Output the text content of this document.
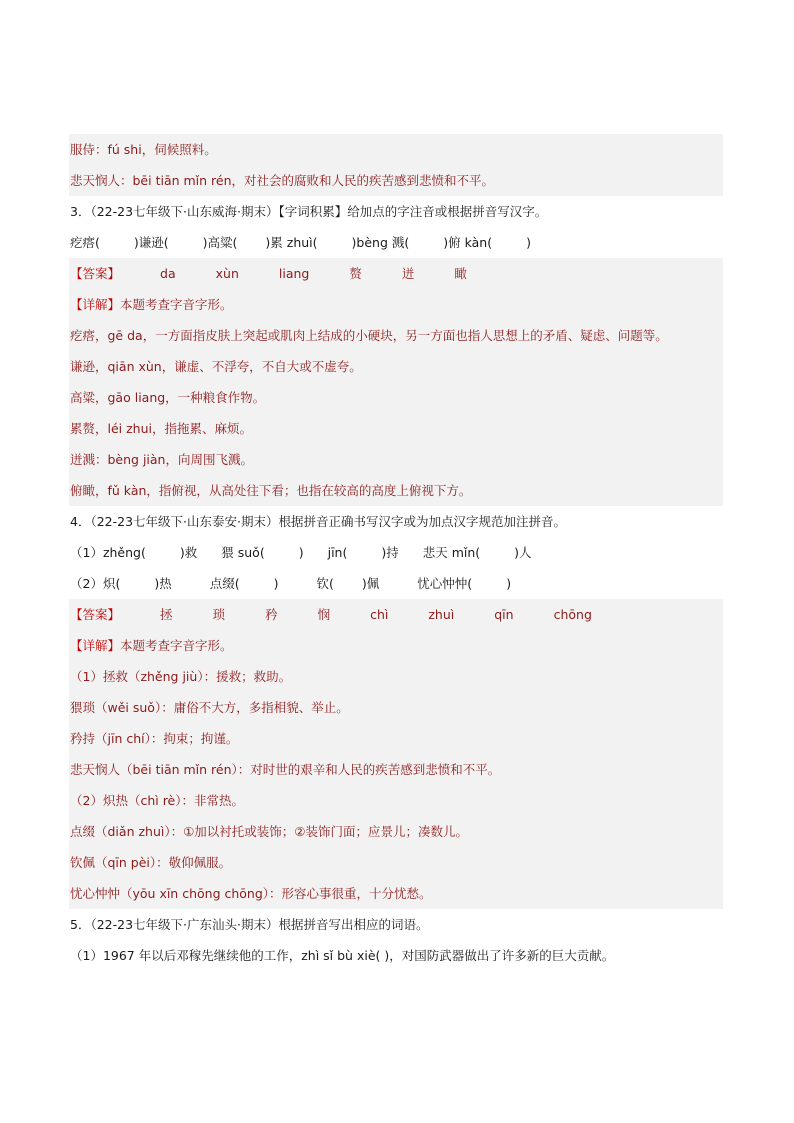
服侍：fú shi，伺候照料。
悲天悯人：bēi tiān mǐn rén，对社会的腐败和人民的疾苦感到悲愤和不平。
3．（22-23七年级下·山东威海·期末）【字词积累】给加点的字注音或根据拼音写汉字。
疙瘩(	)谦逊(	)高粱( )累 zhuì(	)bèng 溅(	)俯 kàn(	)
【答案】	da	xùn	liang	赘	迸	瞰
【详解】本题考查字音字形。
疙瘩，gē da，一方面指皮肤上突起或肌肉上结成的小硬块，另一方面也指人思想上的矛盾、疑虑、问题等。
谦逊，qiān xùn，谦虚、不浮夸，不自大或不虚夸。
高粱，gāo liang，一种粮食作物。
累赘，léi zhui，指拖累、麻烦。
迸溅：bèng jiàn，向周围飞溅。
俯瞰，fǔ kàn，指俯视，从高处往下看；也指在较高的高度上俯视下方。
4．（22-23七年级下·山东泰安·期末）根据拼音正确书写汉字或为加点汉字规范加注拼音。
（1）zhěng(	)救 猥 suǒ(	) jīn(	)持 悲天 mǐn(	)人
（2）炽(	)热	点缀(	)	钦( )佩	忧心忡忡(	)
【答案】	拯	琐	矜	悯	chì	zhuì	qīn	chōng
【详解】本题考查字音字形。
（1）拯救（zhěng jiù）：援救；救助。
猥琐（wěi suǒ）：庸俗不大方，多指相貌、举止。
矜持（jīn chí）：拘束；拘谨。
悲天悯人（bēi tiān mǐn rén）：对时世的艰辛和人民的疾苦感到悲愤和不平。
（2）炽热（chì rè）：非常热。
点缀（diǎn zhuì）：①加以衬托或装饰；②装饰门面；应景儿；凑数儿。
钦佩（qīn pèi）：敬仰佩服。
忧心忡忡（yōu xīn chōng chōng）：形容心事很重，十分忧愁。
5．（22-23七年级下·广东汕头·期末）根据拼音写出相应的词语。
（1）1967 年以后邓稼先继续他的工作，zhì sǐ bù xiè( )，对国防武器做出了许多新的巨大贡献。
